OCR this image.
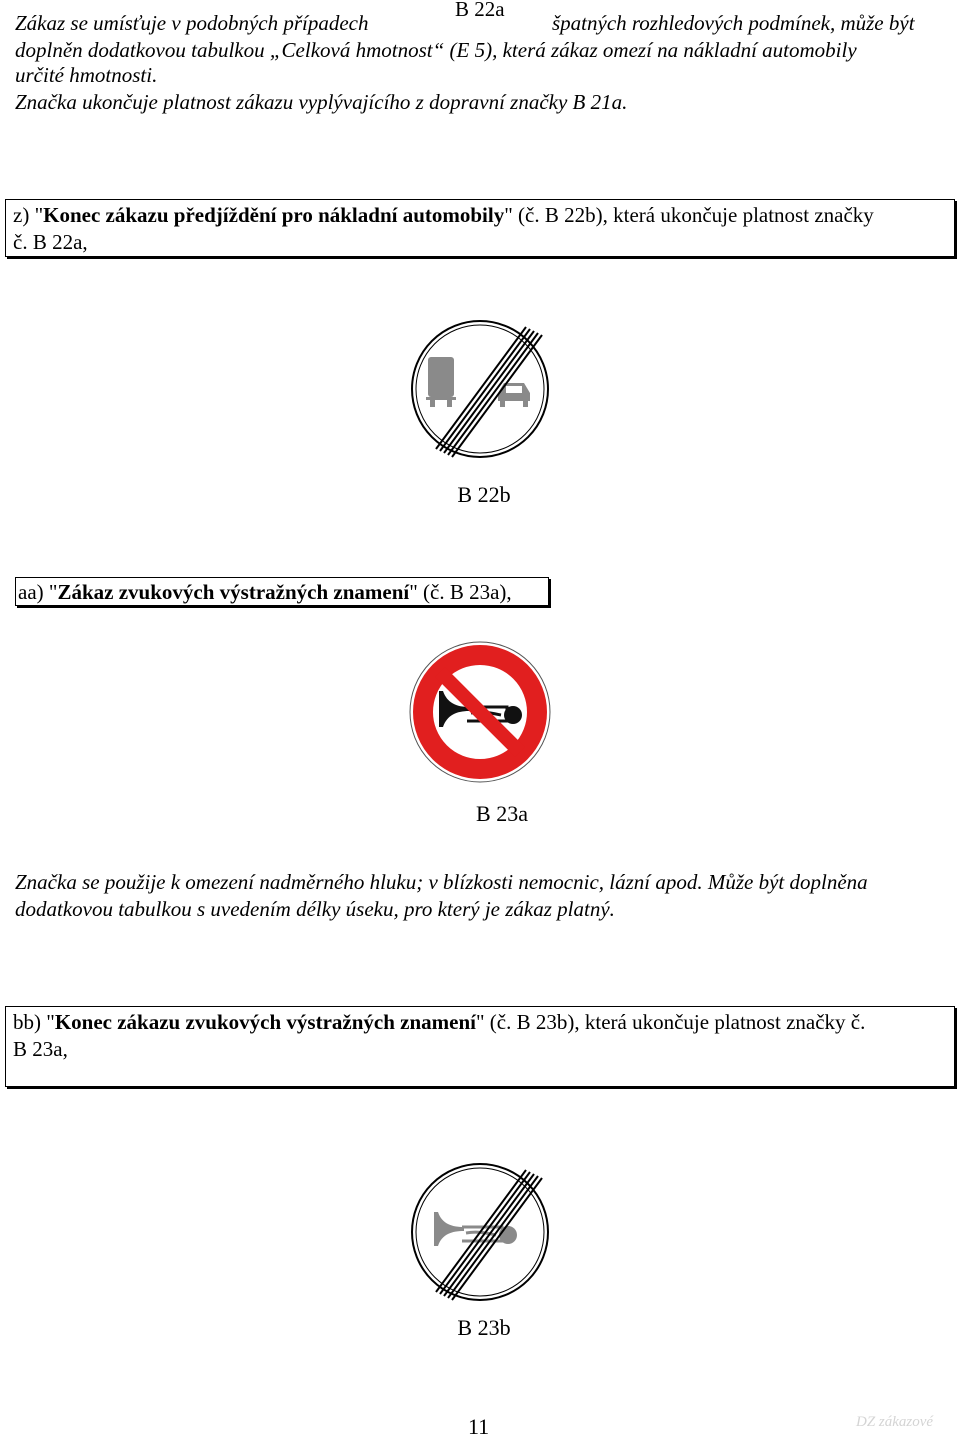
B 22a
Zákaz se umísťuje v podobných případech	špatných rozhledových podmínek, může být
doplněn dodatkovou tabulkou „Celková hmotnost“ (E 5), která zákaz omezí na nákladní automobily
určité hmotnosti.
Značka ukončuje platnost zákazu vyplývajícího z dopravní značky B 21a.
z) "Konec zákazu předjíždění pro nákladní automobily" (č. B 22b), která ukončuje platnost značky
č. B 22a,
B 22b
aa) "Zákaz zvukových výstražných znamení" (č. B 23a),
B 23a
Značka se použije k omezení nadměrného hluku; v blízkosti nemocnic, lázní apod. Může být doplněna
dodatkovou tabulkou s uvedením délky úseku, pro který je zákaz platný.
bb) "Konec zákazu zvukových výstražných znamení" (č. B 23b), která ukončuje platnost značky č.
B 23a,
B 23b
11	DZ zákazové
